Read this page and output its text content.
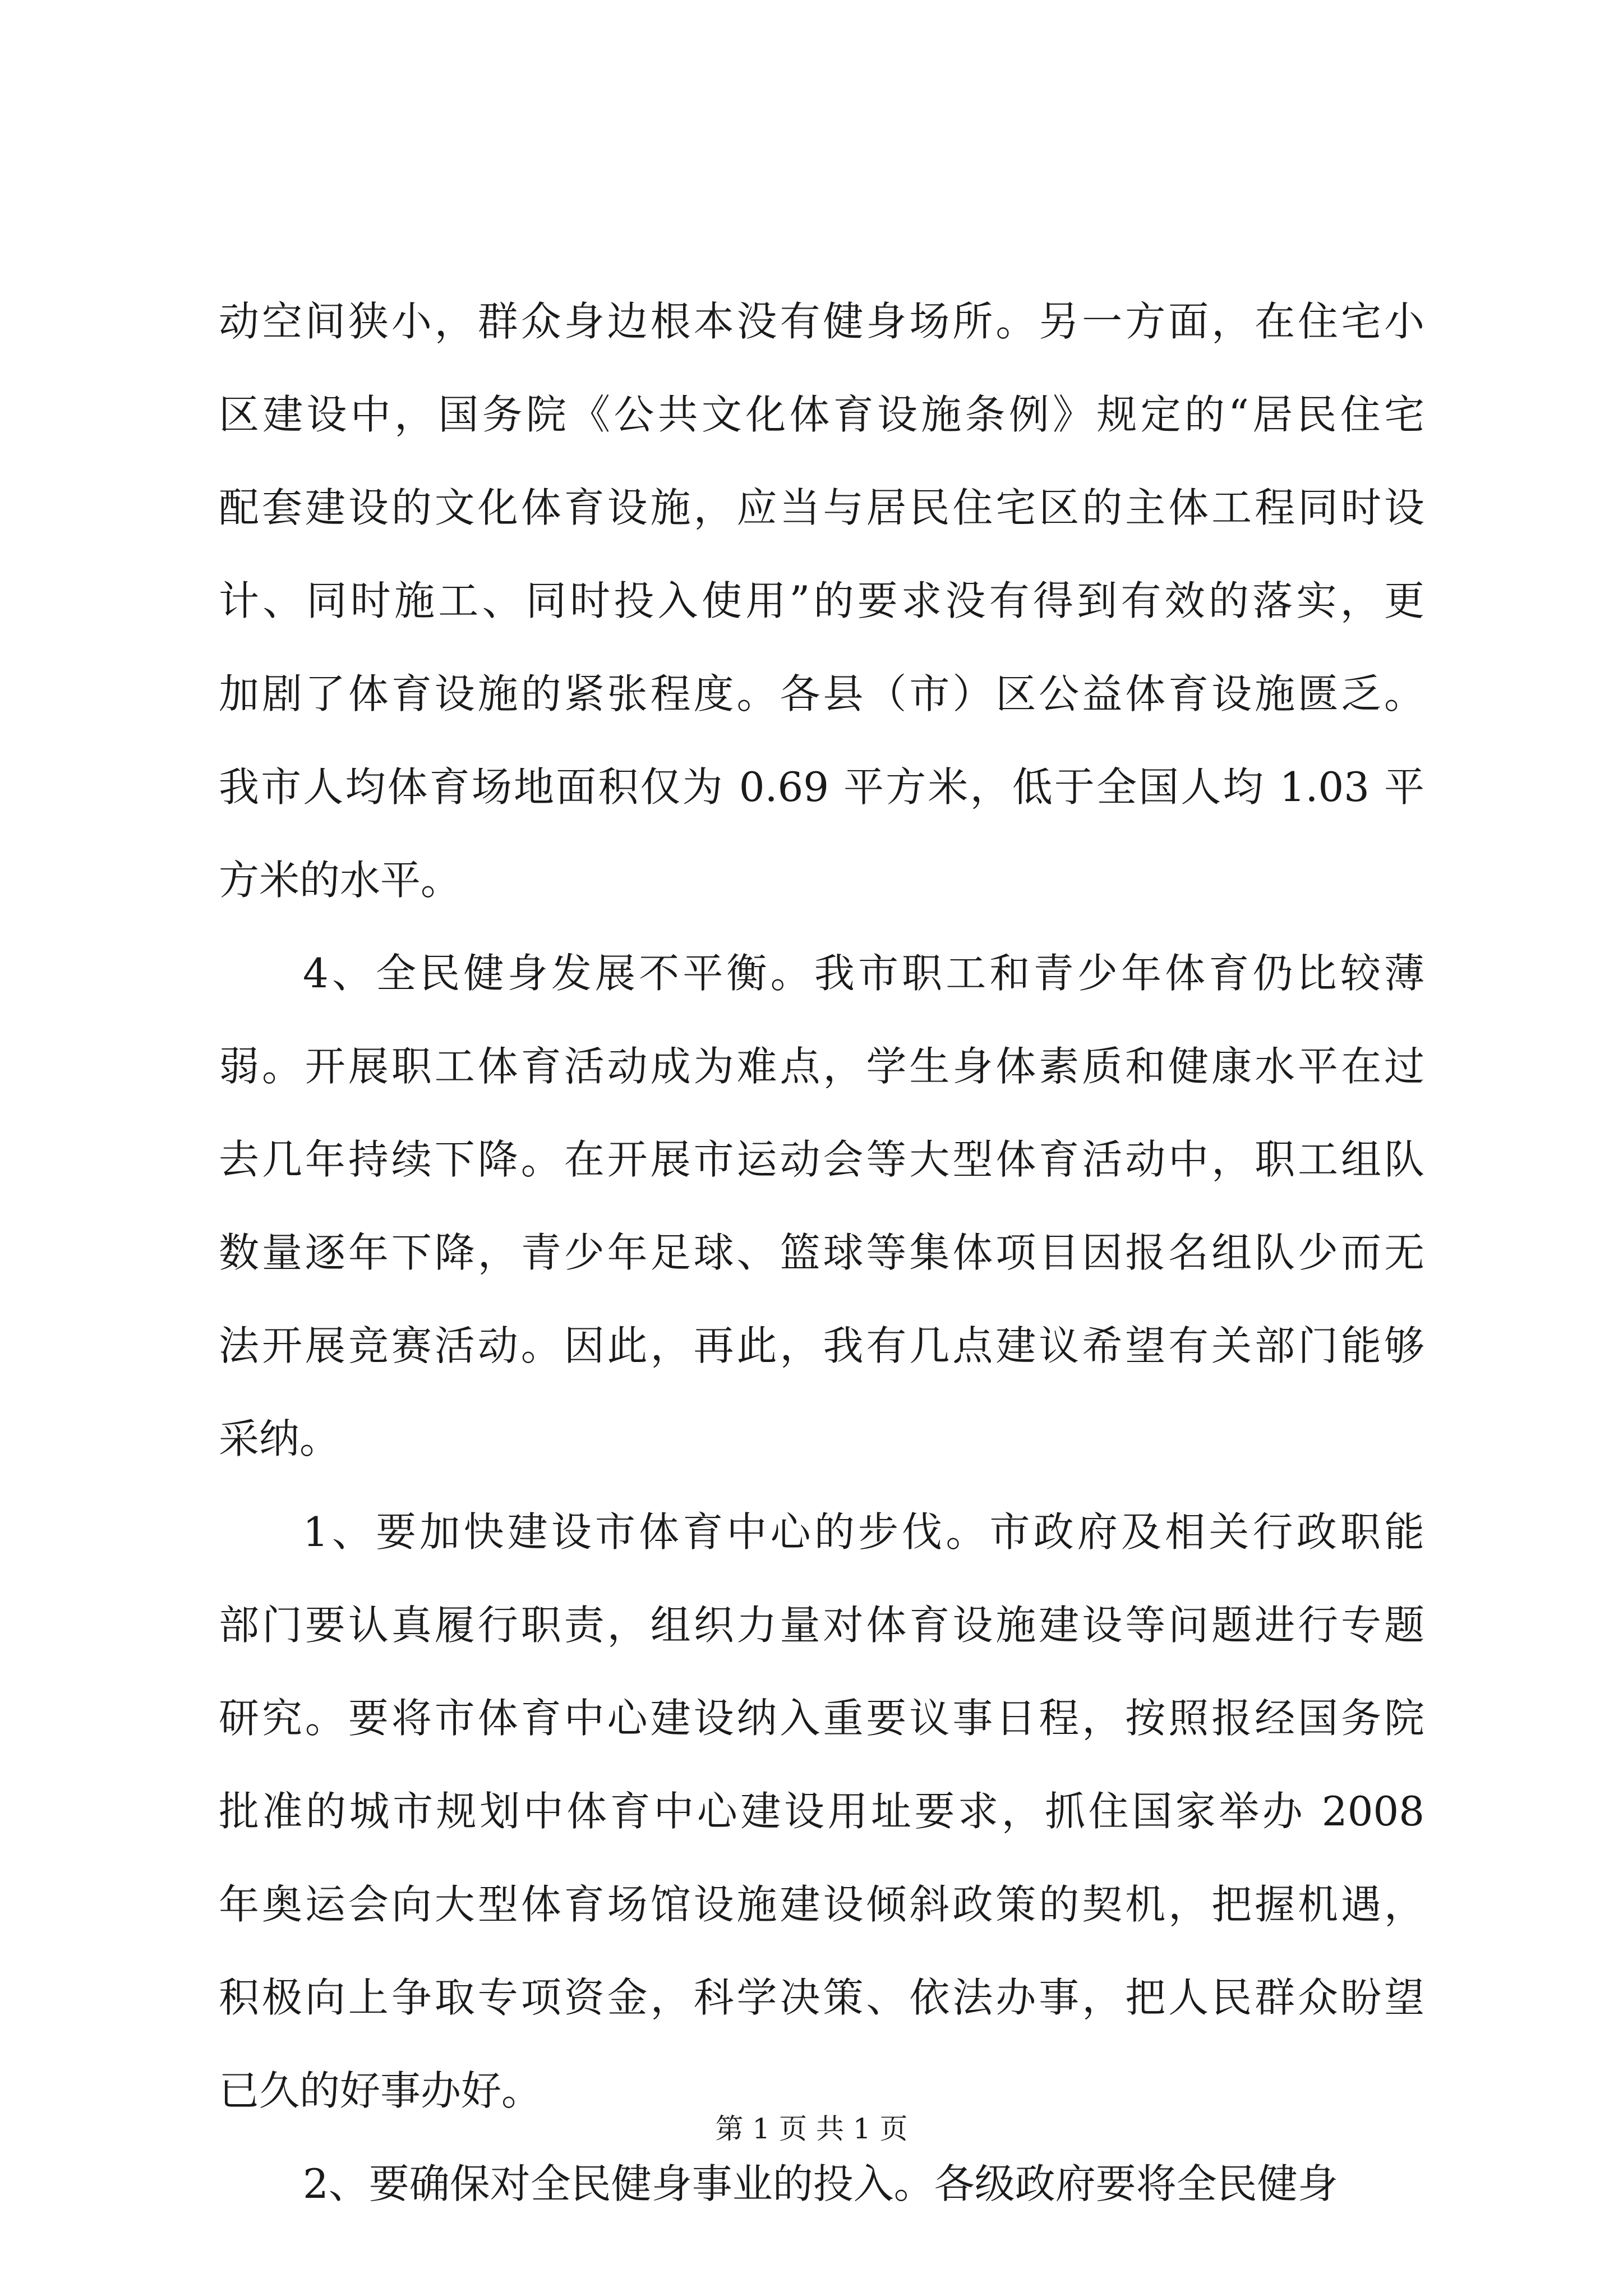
动空间狭小，群众身边根本没有健身场所。另一方面，在住宅小
区建设中，国务院《公共文化体育设施条例》规定的“居民住宅
配套建设的文化体育设施，应当与居民住宅区的主体工程同时设
计、同时施工、同时投入使用”的要求没有得到有效的落实，更
加剧了体育设施的紧张程度。各县（市）区公益体育设施匮乏。
我市人均体育场地面积仅为 0.69 平方米，低于全国人均 1.03 平
方米的水平。
4、全民健身发展不平衡。我市职工和青少年体育仍比较薄
弱。开展职工体育活动成为难点，学生身体素质和健康水平在过
去几年持续下降。在开展市运动会等大型体育活动中，职工组队
数量逐年下降，青少年足球、篮球等集体项目因报名组队少而无
法开展竞赛活动。因此，再此，我有几点建议希望有关部门能够
采纳。
1、要加快建设市体育中心的步伐。市政府及相关行政职能
部门要认真履行职责，组织力量对体育设施建设等问题进行专题
研究。要将市体育中心建设纳入重要议事日程，按照报经国务院
批准的城市规划中体育中心建设用址要求，抓住国家举办 2008
年奥运会向大型体育场馆设施建设倾斜政策的契机，把握机遇，
积极向上争取专项资金，科学决策、依法办事，把人民群众盼望
已久的好事办好。
2、要确保对全民健身事业的投入。各级政府要将全民健身
第 1 页 共 1 页
